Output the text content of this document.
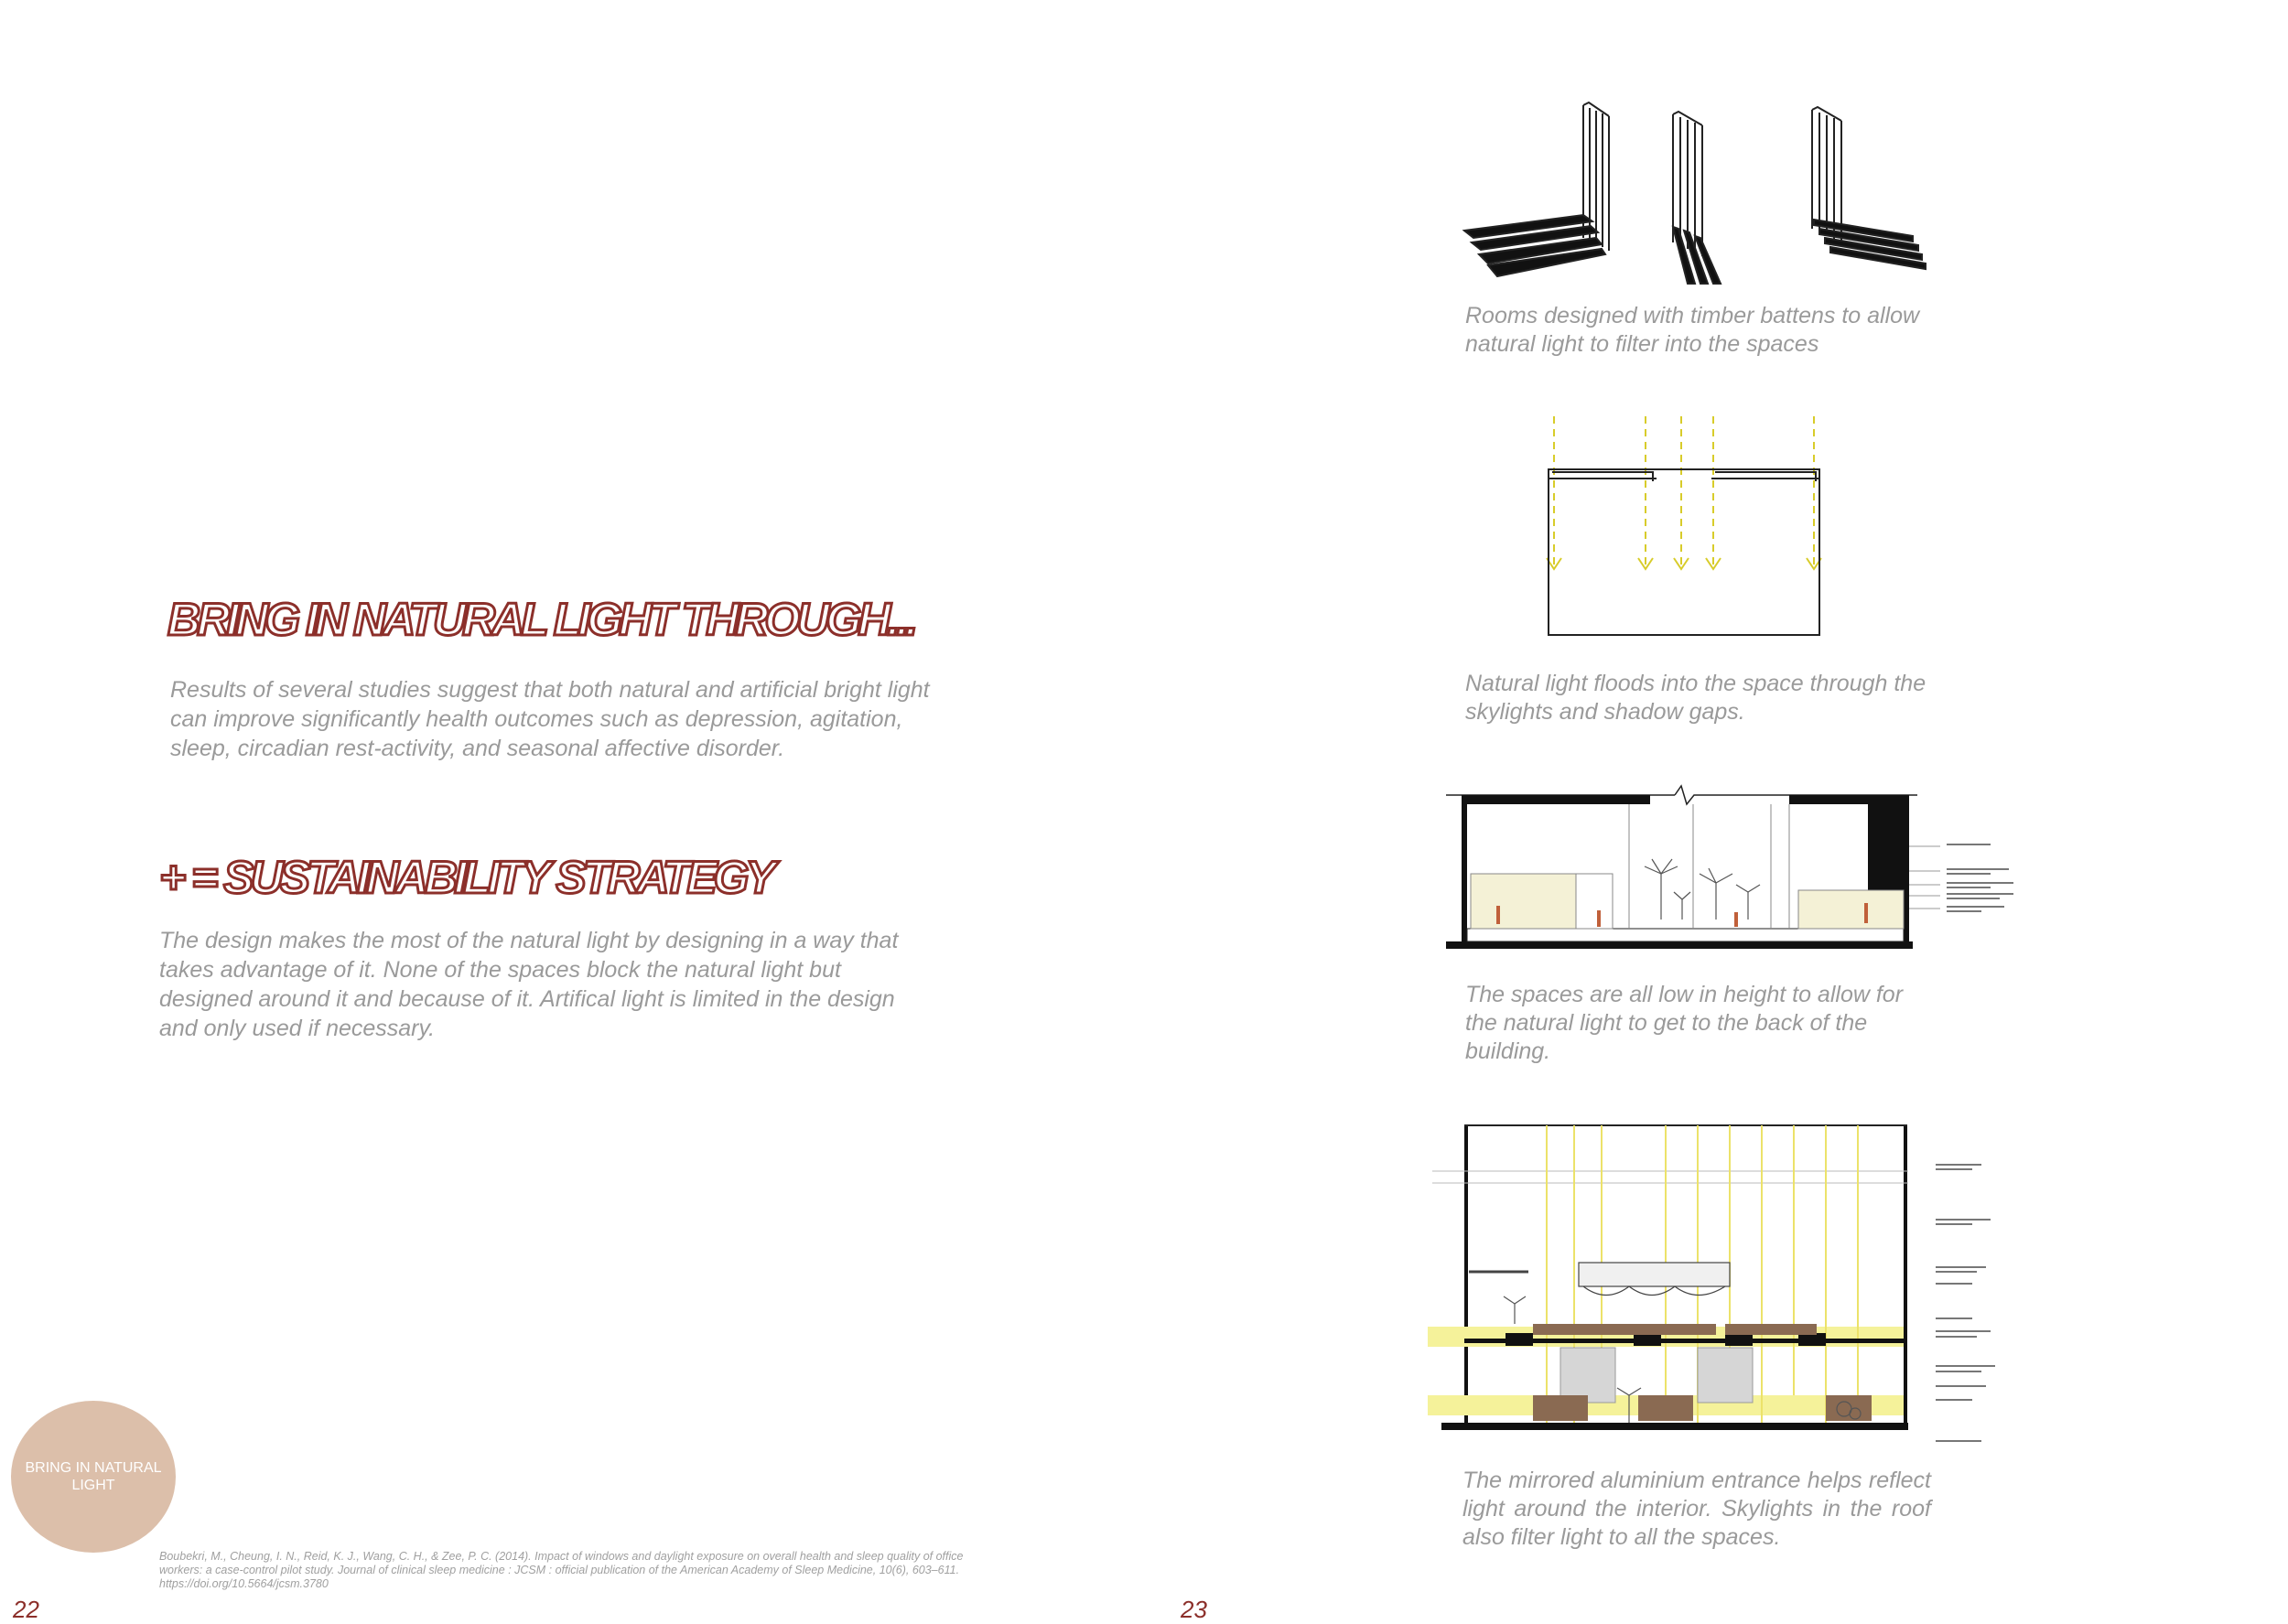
BRING IN NATURAL LIGHT THROUGH...
Results of several studies suggest that both natural and artificial bright light can improve significantly health outcomes such as depression, agitation, sleep, circadian rest-activity, and seasonal affective disorder.
+ = SUSTAINABILITY STRATEGY
The design makes the most of the natural light by designing in a way that takes advantage of it. None of the spaces block the natural light but designed around it and because of it. Artifical light is limited in the design and only used if necessary.
BRING IN NATURAL LIGHT
Boubekri, M., Cheung, I. N., Reid, K. J., Wang, C. H., & Zee, P. C. (2014). Impact of windows and daylight exposure on overall health and sleep quality of office workers: a case-control pilot study. Journal of clinical sleep medicine : JCSM : official publication of the American Academy of Sleep Medicine, 10(6), 603–611. https://doi.org/10.5664/jcsm.3780
22
Rooms designed with timber battens to allow natural light to filter into the spaces
Natural light floods into the space through the skylights and shadow gaps.
The spaces are all low in height to allow for the natural light to get to the back of the building.
The mirrored aluminium entrance helps reflect light around the interior. Skylights in the roof also filter light to all the spaces.
23
